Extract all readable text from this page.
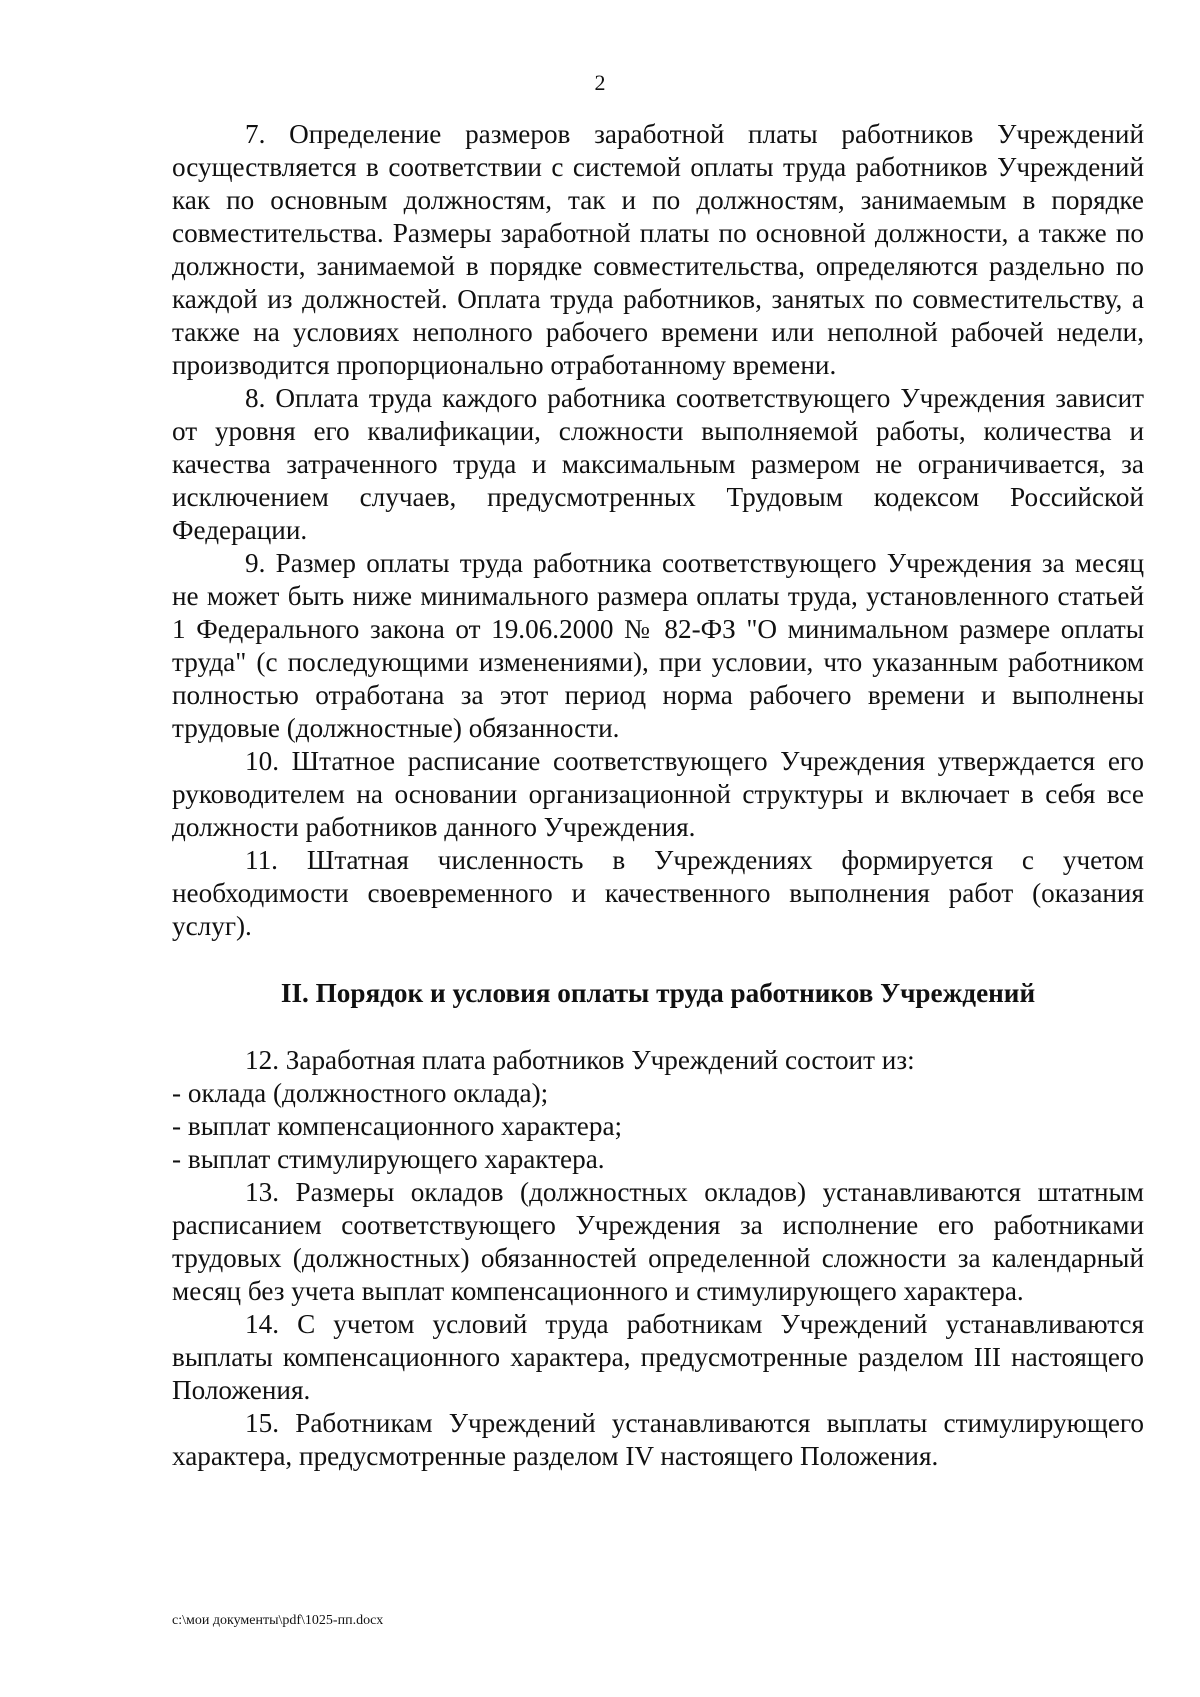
2

7. Определение размеров заработной платы работников Учреждений осуществляется в соответствии с системой оплаты труда работников Учреждений как по основным должностям, так и по должностям, занимаемым в порядке совместительства. Размеры заработной платы по основной должности, а также по должности, занимаемой в порядке совместительства, определяются раздельно по каждой из должностей. Оплата труда работников, занятых по совместительству, а также на условиях неполного рабочего времени или неполной рабочей недели, производится пропорционально отработанному времени.

8. Оплата труда каждого работника соответствующего Учреждения зависит от уровня его квалификации, сложности выполняемой работы, количества и качества затраченного труда и максимальным размером не ограничивается, за исключением случаев, предусмотренных Трудовым кодексом Российской Федерации.

9. Размер оплаты труда работника соответствующего Учреждения за месяц не может быть ниже минимального размера оплаты труда, установленного статьей 1 Федерального закона от 19.06.2000 № 82-ФЗ "О минимальном размере оплаты труда" (с последующими изменениями), при условии, что указанным работником полностью отработана за этот период норма рабочего времени и выполнены трудовые (должностные) обязанности.

10. Штатное расписание соответствующего Учреждения утверждается его руководителем на основании организационной структуры и включает в себя все должности работников данного Учреждения.

11. Штатная численность в Учреждениях формируется с учетом необходимости своевременного и качественного выполнения работ (оказания услуг).

II. Порядок и условия оплаты труда работников Учреждений

12. Заработная плата работников Учреждений состоит из:

- оклада (должностного оклада);

- выплат компенсационного характера;

- выплат стимулирующего характера.

13. Размеры окладов (должностных окладов) устанавливаются штатным расписанием соответствующего Учреждения за исполнение его работниками трудовых (должностных) обязанностей определенной сложности за календарный месяц без учета выплат компенсационного и стимулирующего характера.

14. С учетом условий труда работникам Учреждений устанавливаются выплаты компенсационного характера, предусмотренные разделом III настоящего Положения.

15. Работникам Учреждений устанавливаются выплаты стимулирующего характера, предусмотренные разделом IV настоящего Положения.

c:\мои документы\pdf\1025-пп.docx
